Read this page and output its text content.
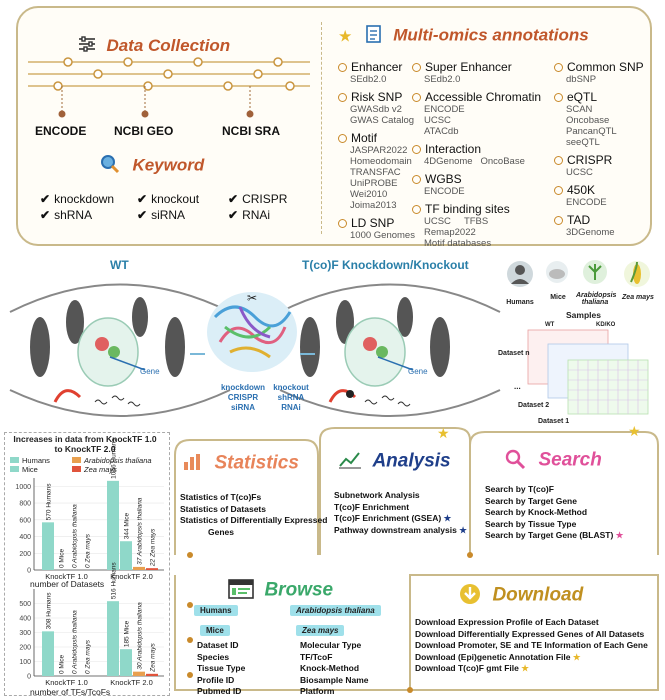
Data Collection
ENCODE NCBI GEO	NCBI SRA
Keyword
✔ knockdown ✔ knockout ✔ CRISPR
✔ shRNA	✔ siRNA	✔ RNAi
★ Multi-omics annotations
Enhancer
SEdb2.0
Risk SNP
GWASdb v2
GWAS Catalog
Motif
JASPAR2022
Homeodomain
TRANSFAC
UniPROBE
Wei2010
Joima2013
LD SNP
1000 Genomes
Super Enhancer
SEdb2.0
Accessible Chromatin
ENCODE
UCSC
ATACdb
Interaction
4DGenome   OncoBase
WGBS
ENCODE
TF binding sites
UCSC     TFBS
Remap2022
Motif databases
Common SNP
dbSNP
eQTL
SCAN
Oncobase
PancanQTL
seeQTL
CRISPR
UCSC
450K
ENCODE
TAD
3DGenome
WT	T(co)F Knockdown/Knockout
✂
Gene	Gene
knockdown
CRISPR
siRNA
knockout
shRNA
RNAi
Humans
Mice	Arabidopsis thaliana
Zea mays
Samples
WT	KD/KO
Dataset n
...
Dataset 2
Dataset 1
Increases in data from KnockTF 1.0 to KnockTF 2.0
Humans	Arabidopsis thaliana
Mice	Zea mays
0
200
400
600
800
1000 570 Humans
0 Mice 0 Arabidopsis thaliana 0 Zea mays
KnockTF 1.0
1066 Humans
344 Mice 37 Arabidopsis thaliana 22 Zea mays
KnockTF 2.0
number of Datasets
0
100
200
300
400
500 308 Humans
0 Mice 0 Arabidopsis thaliana 0 Zea mays
KnockTF 1.0
516 Humans
185 Mice 30 Arabidopsis thaliana Zea mays
KnockTF 2.0
number of TFs/TcoFs
★	★
Statistics
Statistics of T(co)Fs
Statistics of Datasets
Statistics of Differentially Expressed
Genes
Analysis
Subnetwork Analysis
T(co)F Enrichment
T(co)F Enrichment (GSEA) ★
Pathway downstream analysis ★
Search
Search by T(co)F
Search by Target Gene
Search by Knock-Method
Search by Tissue Type
Search by Target Gene (BLAST) ★
Browse
Humans	Arabidopsis thaliana
Mice	Zea mays
Dataset ID
Species
Tissue Type
Profile ID
Pubmed ID
Molecular Type
TF/TcoF
Knock-Method
Biosample Name
Platform
Download
Download Expression Profile of Each Dataset
Download Differentially Expressed Genes of All Datasets
Download Promoter, SE and TE Information of Each Gene
Download (Epi)genetic Annotation File ★
Download T(co)F gmt File ★
